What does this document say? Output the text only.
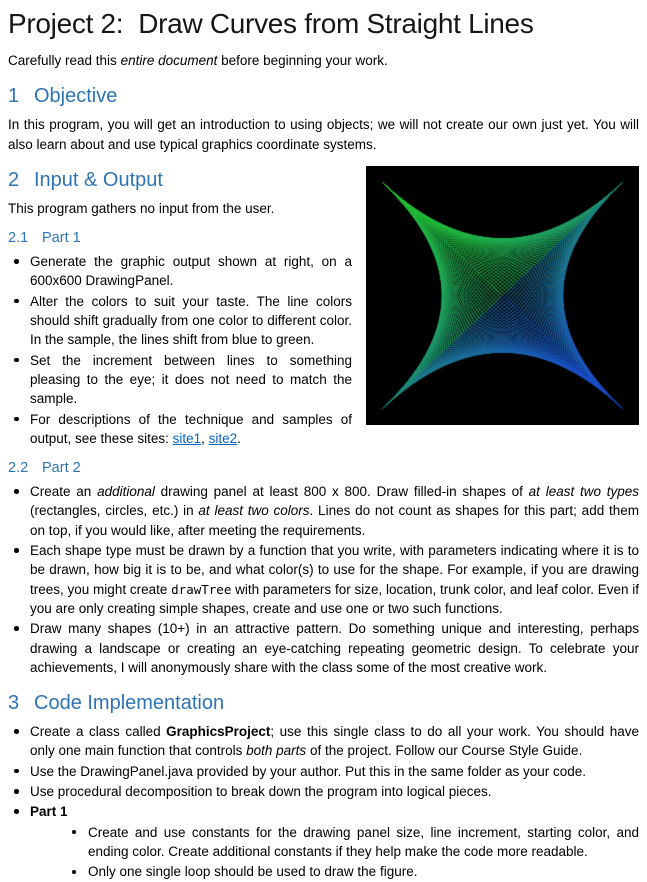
Project 2:  Draw Curves from Straight Lines

Carefully read this entire document before beginning your work.

1 Objective

In this program, you will get an introduction to using objects; we will not create our own just yet. You will also learn about and use typical graphics coordinate systems.

2 Input & Output

This program gathers no input from the user.

2.1 Part 1
Generate the graphic output shown at right, on a 600x600 DrawingPanel.
Alter the colors to suit your taste. The line colors should shift gradually from one color to different color. In the sample, the lines shift from blue to green.
Set the increment between lines to something pleasing to the eye; it does not need to match the sample.
For descriptions of the technique and samples of output, see these sites: site1, site2.
2.2 Part 2
Create an additional drawing panel at least 800 x 800. Draw filled-in shapes of at least two types (rectangles, circles, etc.) in at least two colors. Lines do not count as shapes for this part; add them on top, if you would like, after meeting the requirements.
Each shape type must be drawn by a function that you write, with parameters indicating where it is to be drawn, how big it is to be, and what color(s) to use for the shape. For example, if you are drawing trees, you might create drawTree with parameters for size, location, trunk color, and leaf color. Even if you are only creating simple shapes, create and use one or two such functions.
Draw many shapes (10+) in an attractive pattern. Do something unique and interesting, perhaps drawing a landscape or creating an eye-catching repeating geometric design. To celebrate your achievements, I will anonymously share with the class some of the most creative work.
3 Code Implementation
Create a class called GraphicsProject; use this single class to do all your work. You should have only one main function that controls both parts of the project. Follow our Course Style Guide.
Use the DrawingPanel.java provided by your author. Put this in the same folder as your code.
Use procedural decomposition to break down the program into logical pieces.
Part 1
Create and use constants for the drawing panel size, line increment, starting color, and ending color. Create additional constants if they help make the code more readable.
Only one single loop should be used to draw the figure.
